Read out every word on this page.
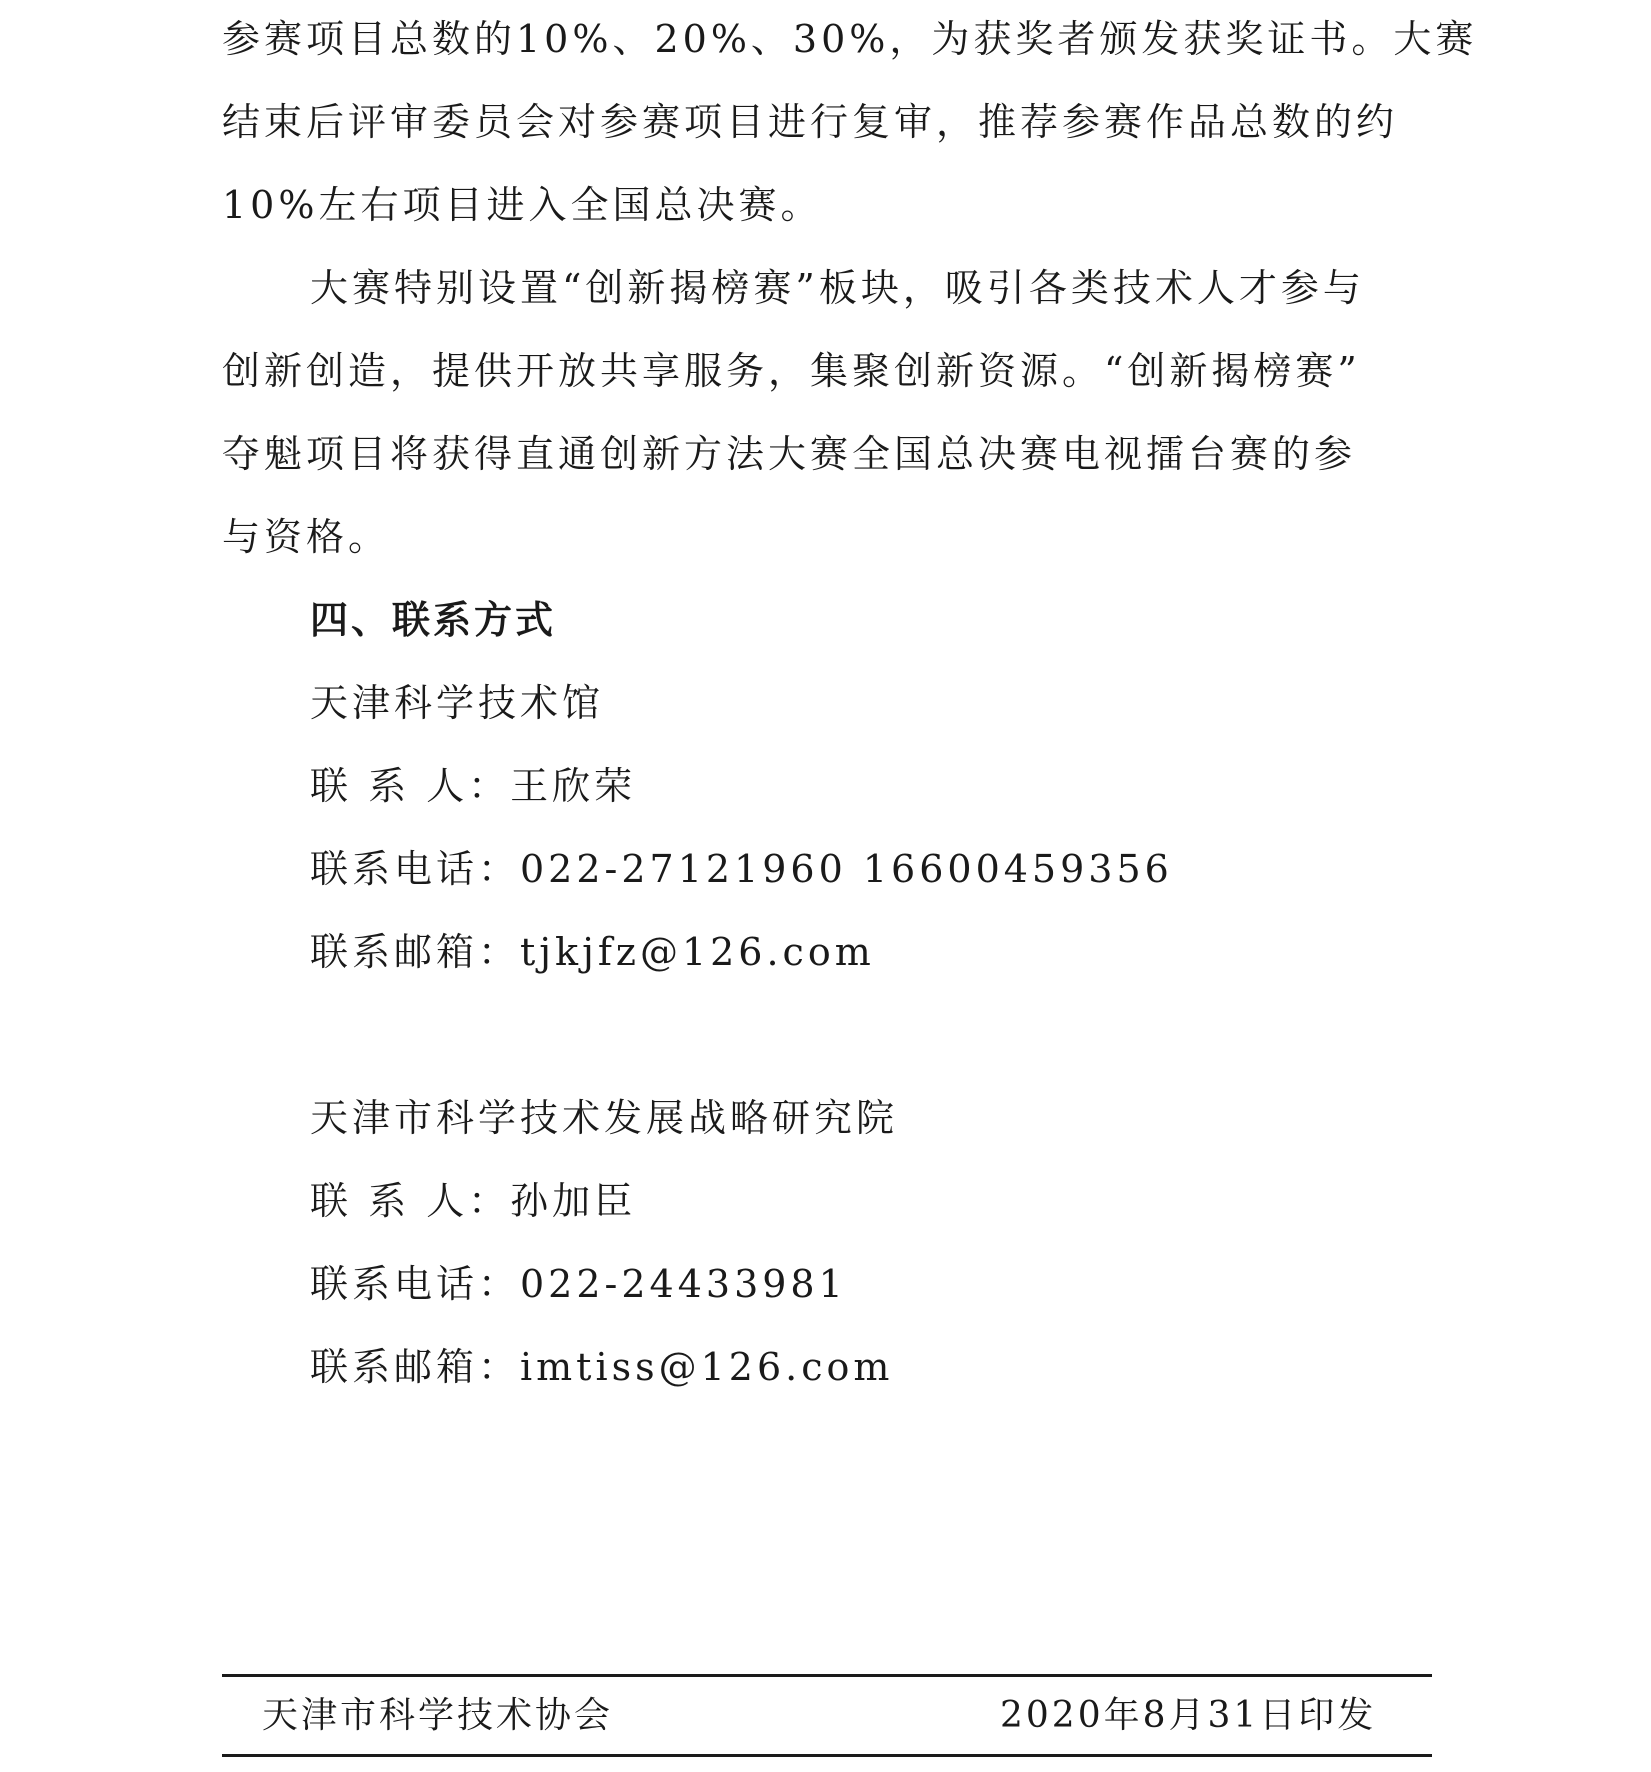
参赛项目总数的10%、20%、30%，为获奖者颁发获奖证书。大赛
结束后评审委员会对参赛项目进行复审，推荐参赛作品总数的约
10%左右项目进入全国总决赛。
大赛特别设置“创新揭榜赛”板块，吸引各类技术人才参与
创新创造，提供开放共享服务，集聚创新资源。“创新揭榜赛”
夺魁项目将获得直通创新方法大赛全国总决赛电视擂台赛的参
与资格。
四、联系方式
天津科学技术馆
联 系 人：王欣荣
联系电话：022-27121960 16600459356
联系邮箱：tjkjfz@126.com
天津市科学技术发展战略研究院
联 系 人：孙加臣
联系电话：022-24433981
联系邮箱：imtiss@126.com
天津市科学技术协会	2020年8月31日印发
